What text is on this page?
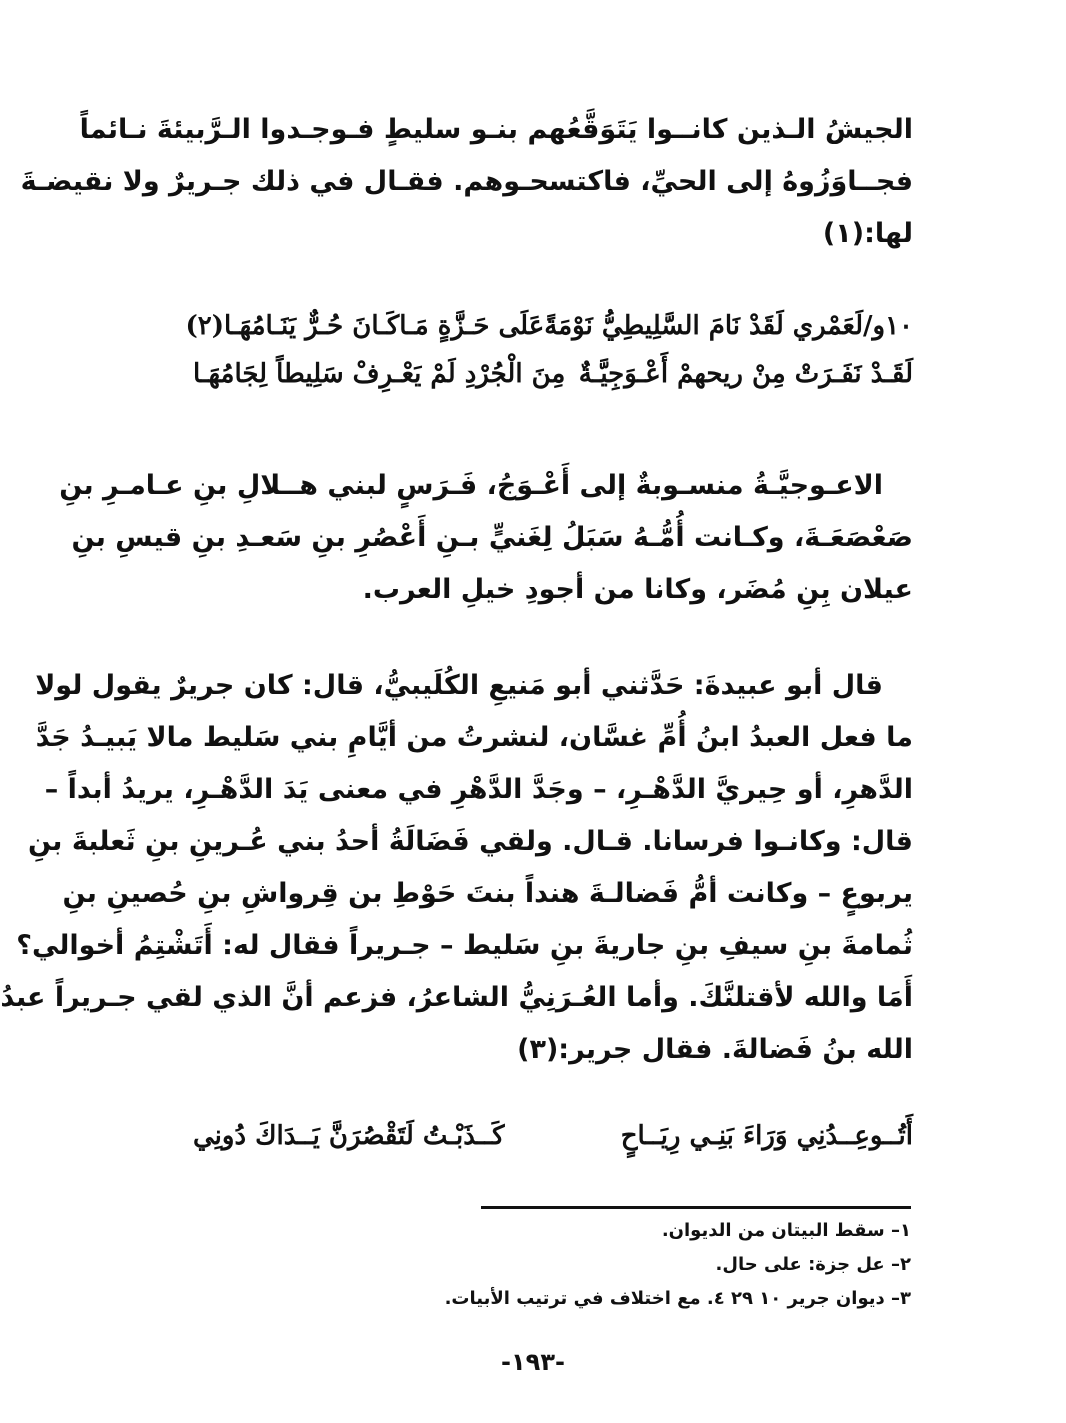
الجيشُ الـذين كانــوا يَتَوَقَّعُهم بنـو سليطٍ فـوجـدوا الـرَّبيئةَ نـائماً
فجــاوَزُوهُ إلى الحيِّ، فاكتسحـوهم. فقـال في ذلك جـريرٌ ولا نقيضـةَ
لها:(١)
١٠و/لَعَمْري لَقَدْ نَامَ السَّلِيطِيُّ نَوْمَةً
عَلَى حَـزَّةٍ مَـاكَـانَ حُـرٌّ يَنَـامُهَـا(٢)
لَقَـدْ نَفَـرَتْ مِنْ ريحهمْ أَعْـوَجِيَّـةٌ
مِنَ الْجُرْدِ لَمْ يَعْـرِفْ سَلِيطاً لِجَامُهَـا
الاعـوجيَّـةُ منسـوبةٌ إلى أَعْـوَجُ، فَـرَسٍ لبني هــلالِ بنِ عـامـرِ بنِ
صَعْصَعَـةَ، وكـانت أُمُّـهُ سَبَلُ لِغَنيٍّ بـنِ أَعْصُرِ بنِ سَعـدِ بنِ قيسِ بنِ
عيلان بِنِ مُضَر، وكانا من أجودِ خيلِ العرب.
قال أبو عبيدةَ: حَدَّثني أبو مَنيعِ الكُلَيبيُّ، قال: كان جريرٌ يقول لولا
ما فعل العبدُ ابنُ أُمِّ غسَّان، لنشرتُ من أيَّامِ بني سَليط مالا يَبيـدُ جَدَّ
الدَّهرِ، أو حِيريَّ الدَّهْـرِ، – وجَدَّ الدَّهْرِ في معنى يَدَ الدَّهْـرِ، يريدُ أبداً –
قال: وكانـوا فرسانا. قـال. ولقي فَضَالَةُ أحدُ بني عُـرينِ بنِ ثَعلبةَ بنِ
يربوعٍ – وكانت أمُّ فَضالـةَ هنداً بنتَ حَوْطِ بن قِرواشِ بنِ حُصينِ بنِ
ثُمامةَ بنِ سيفِ بنِ جاريةَ بنِ سَليط – جـريراً فقال له: أَتَشْتِمُ أخوالي؟
أَمَا والله لأقتلنَّكَ. وأما العُـرَنِيُّ الشاعرُ، فزعم أنَّ الذي لقي جـريراً عبدُ
الله بنُ فَضالةَ. فقال جرير:(٣)
أَتُــوعِــدُنِي وَرَاءَ بَنِـي رِيَــاحٍ
كَــذَبْـتُ لَتَقْصُرَنَّ يَــدَاكَ دُونِي
١– سقط البيتان من الديوان.
٢– عل جزة: على حال.
٣– ديوان جرير ١٠ ٢٩ ٤. مع اختلاف في ترتيب الأبيات.
-١٩٣-
